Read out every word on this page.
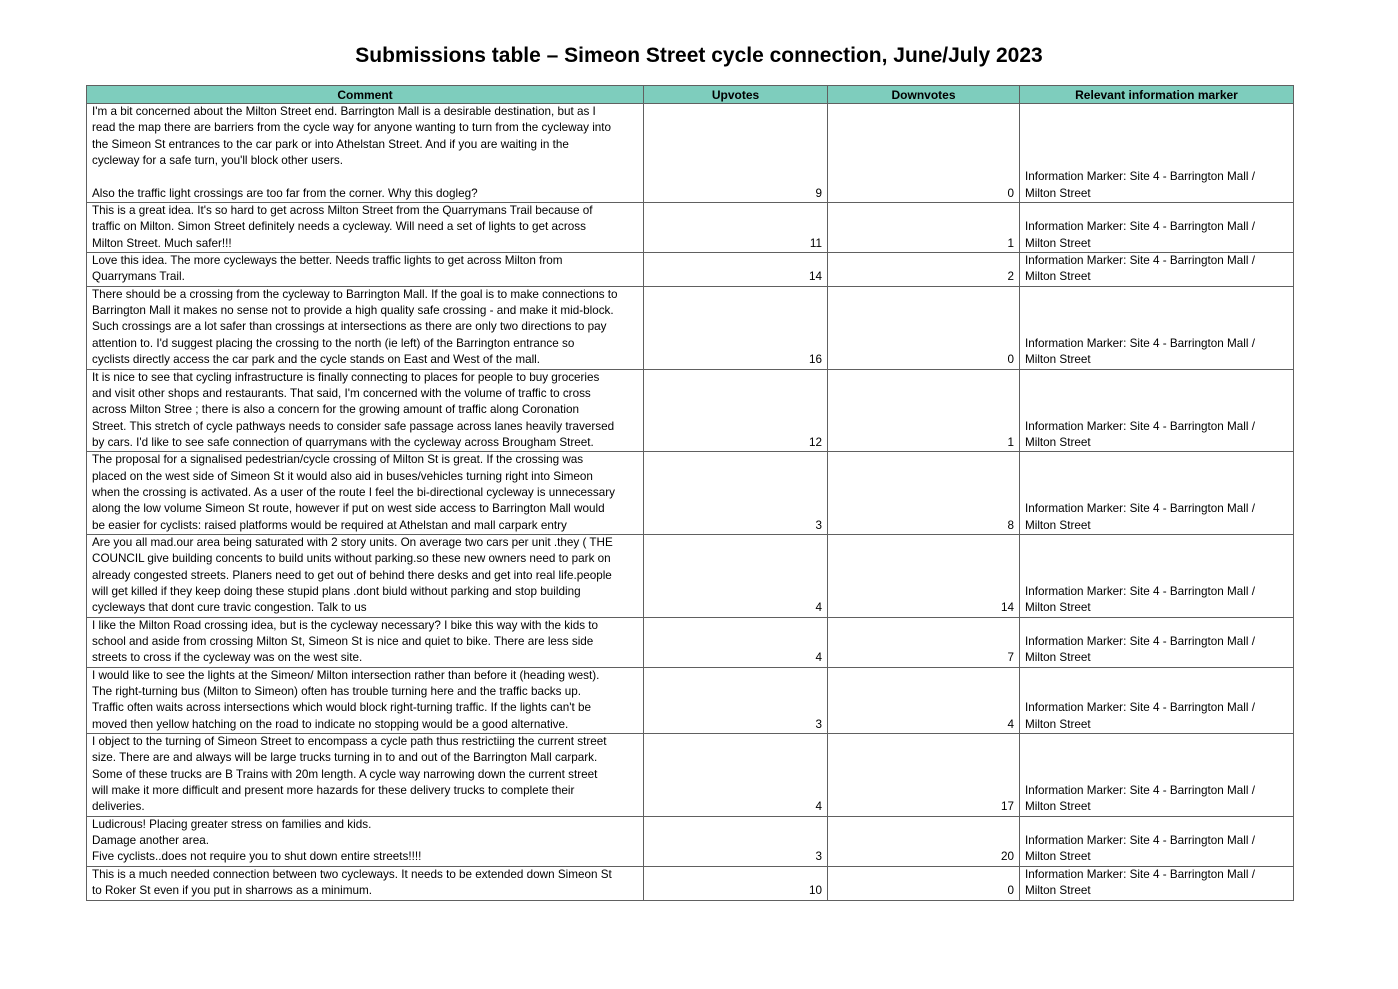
Submissions table – Simeon Street cycle connection, June/July 2023
Comment	Upvotes	Downvotes	Relevant information marker
I'm a bit concerned about the Milton Street end. Barrington Mall is a desirable destination, but as I
read the map there are barriers from the cycle way for anyone wanting to turn from the cycleway into
the Simeon St entrances to the car park or into Athelstan Street. And if you are waiting in the
cycleway for a safe turn, you'll block other users.

Also the traffic light crossings are too far from the corner. Why this dogleg?	9	0	Information Marker: Site 4 - Barrington Mall /
Milton Street
This is a great idea. It's so hard to get across Milton Street from the Quarrymans Trail because of
traffic on Milton. Simon Street definitely needs a cycleway. Will need a set of lights to get across
Milton Street. Much safer!!!	11	1	Information Marker: Site 4 - Barrington Mall /
Milton Street
Love this idea. The more cycleways the better. Needs traffic lights to get across Milton from
Quarrymans Trail.	14	2	Information Marker: Site 4 - Barrington Mall /
Milton Street
There should be a crossing from the cycleway to Barrington Mall. If the goal is to make connections to
Barrington Mall it makes no sense not to provide a high quality safe crossing - and make it mid-block.
Such crossings are a lot safer than crossings at intersections as there are only two directions to pay
attention to. I'd suggest placing the crossing to the north (ie left) of the Barrington entrance so
cyclists directly access the car park and the cycle stands on East and West of the mall.	16	0	Information Marker: Site 4 - Barrington Mall /
Milton Street
It is nice to see that cycling infrastructure is finally connecting to places for people to buy groceries
and visit other shops and restaurants. That said, I'm concerned with the volume of traffic to cross
across Milton Stree ; there is also a concern for the growing amount of traffic along Coronation
Street. This stretch of cycle pathways needs to consider safe passage across lanes heavily traversed
by cars. I'd like to see safe connection of quarrymans with the cycleway across Brougham Street.	12	1	Information Marker: Site 4 - Barrington Mall /
Milton Street
The proposal for a signalised pedestrian/cycle crossing of Milton St is great. If the crossing was
placed on the west side of Simeon St it would also aid in buses/vehicles turning right into Simeon
when the crossing is activated. As a user of the route I feel the bi-directional cycleway is unnecessary
along the low volume Simeon St route, however if put on west side access to Barrington Mall would
be easier for cyclists: raised platforms would be required at Athelstan and mall carpark entry	3	8	Information Marker: Site 4 - Barrington Mall /
Milton Street
Are you all mad.our area being saturated with 2 story units. On average two cars per unit .they ( THE
COUNCIL give building concents to build units without parking.so these new owners need to park on
already congested streets. Planers need to get out of behind there desks and get into real life.people
will get killed if they keep doing these stupid plans .dont biuld without parking and stop building
cycleways that dont cure travic congestion. Talk to us	4	14	Information Marker: Site 4 - Barrington Mall /
Milton Street
I like the Milton Road crossing idea, but is the cycleway necessary? I bike this way with the kids to
school and aside from crossing Milton St, Simeon St is nice and quiet to bike. There are less side
streets to cross if the cycleway was on the west site.	4	7	Information Marker: Site 4 - Barrington Mall /
Milton Street
I would like to see the lights at the Simeon/ Milton intersection rather than before it (heading west).
The right-turning bus (Milton to Simeon) often has trouble turning here and the traffic backs up.
Traffic often waits across intersections which would block right-turning traffic. If the lights can't be
moved then yellow hatching on the road to indicate no stopping would be a good alternative.	3	4	Information Marker: Site 4 - Barrington Mall /
Milton Street
I object to the turning of Simeon Street to encompass a cycle path thus restrictiing the current street
size. There are and always will be large trucks turning in to and out of the Barrington Mall carpark.
Some of these trucks are B Trains with 20m length. A cycle way narrowing down the current street
will make it more difficult and present more hazards for these delivery trucks to complete their
deliveries.	4	17	Information Marker: Site 4 - Barrington Mall /
Milton Street
Ludicrous! Placing greater stress on families and kids.
Damage another area.
Five cyclists..does not require you to shut down entire streets!!!!	3	20	Information Marker: Site 4 - Barrington Mall /
Milton Street
This is a much needed connection between two cycleways. It needs to be extended down Simeon St
to Roker St even if you put in sharrows as a minimum.	10	0	Information Marker: Site 4 - Barrington Mall /
Milton Street
